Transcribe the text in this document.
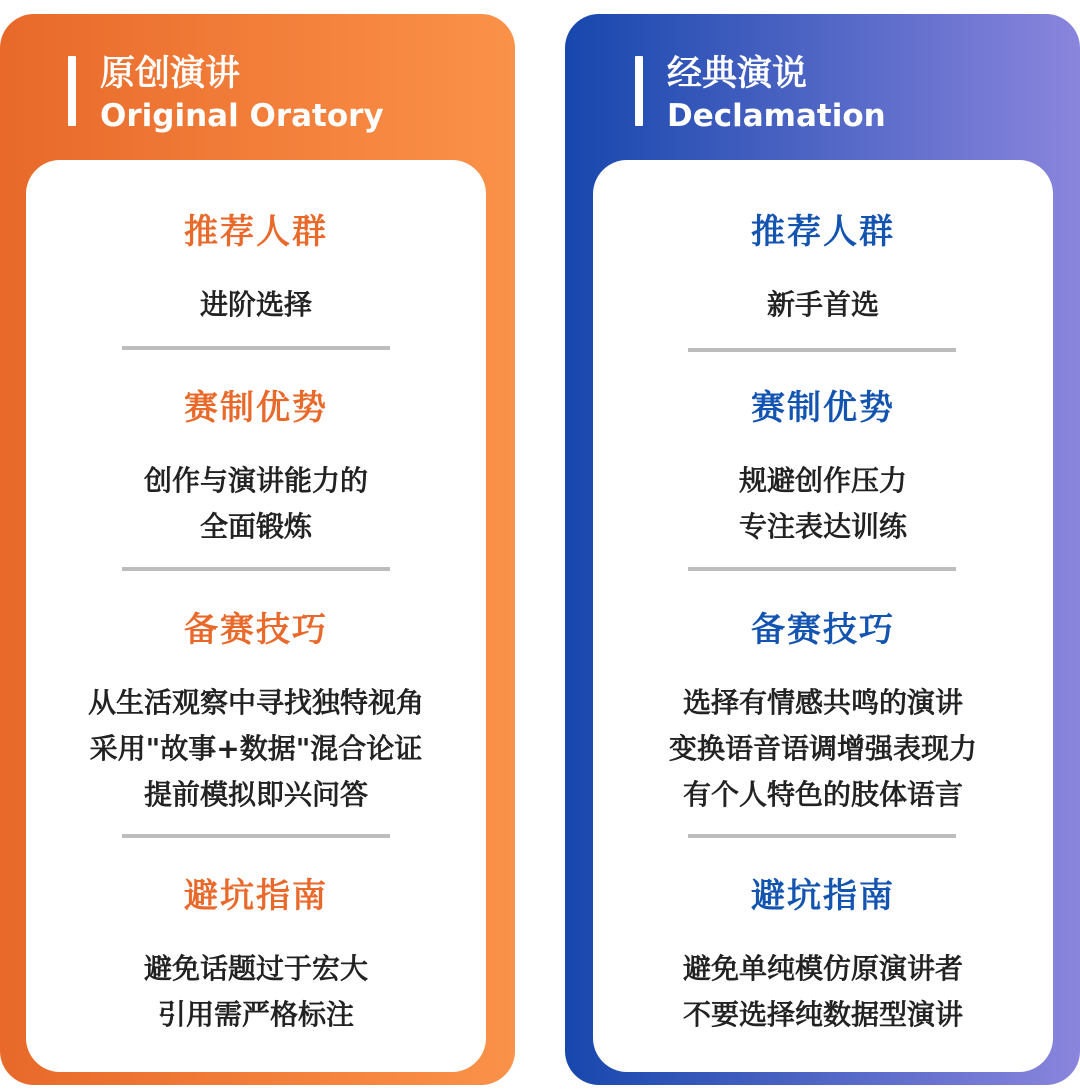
原创演讲
Original Oratory
推荐人群
进阶选择
赛制优势
创作与演讲能力的
全面锻炼
备赛技巧
从生活观察中寻找独特视角
采用"故事+数据"混合论证
提前模拟即兴问答
避坑指南
避免话题过于宏大
引用需严格标注
经典演说
Declamation
推荐人群
新手首选
赛制优势
规避创作压力
专注表达训练
备赛技巧
选择有情感共鸣的演讲
变换语音语调增强表现力
有个人特色的肢体语言
避坑指南
避免单纯模仿原演讲者
不要选择纯数据型演讲
